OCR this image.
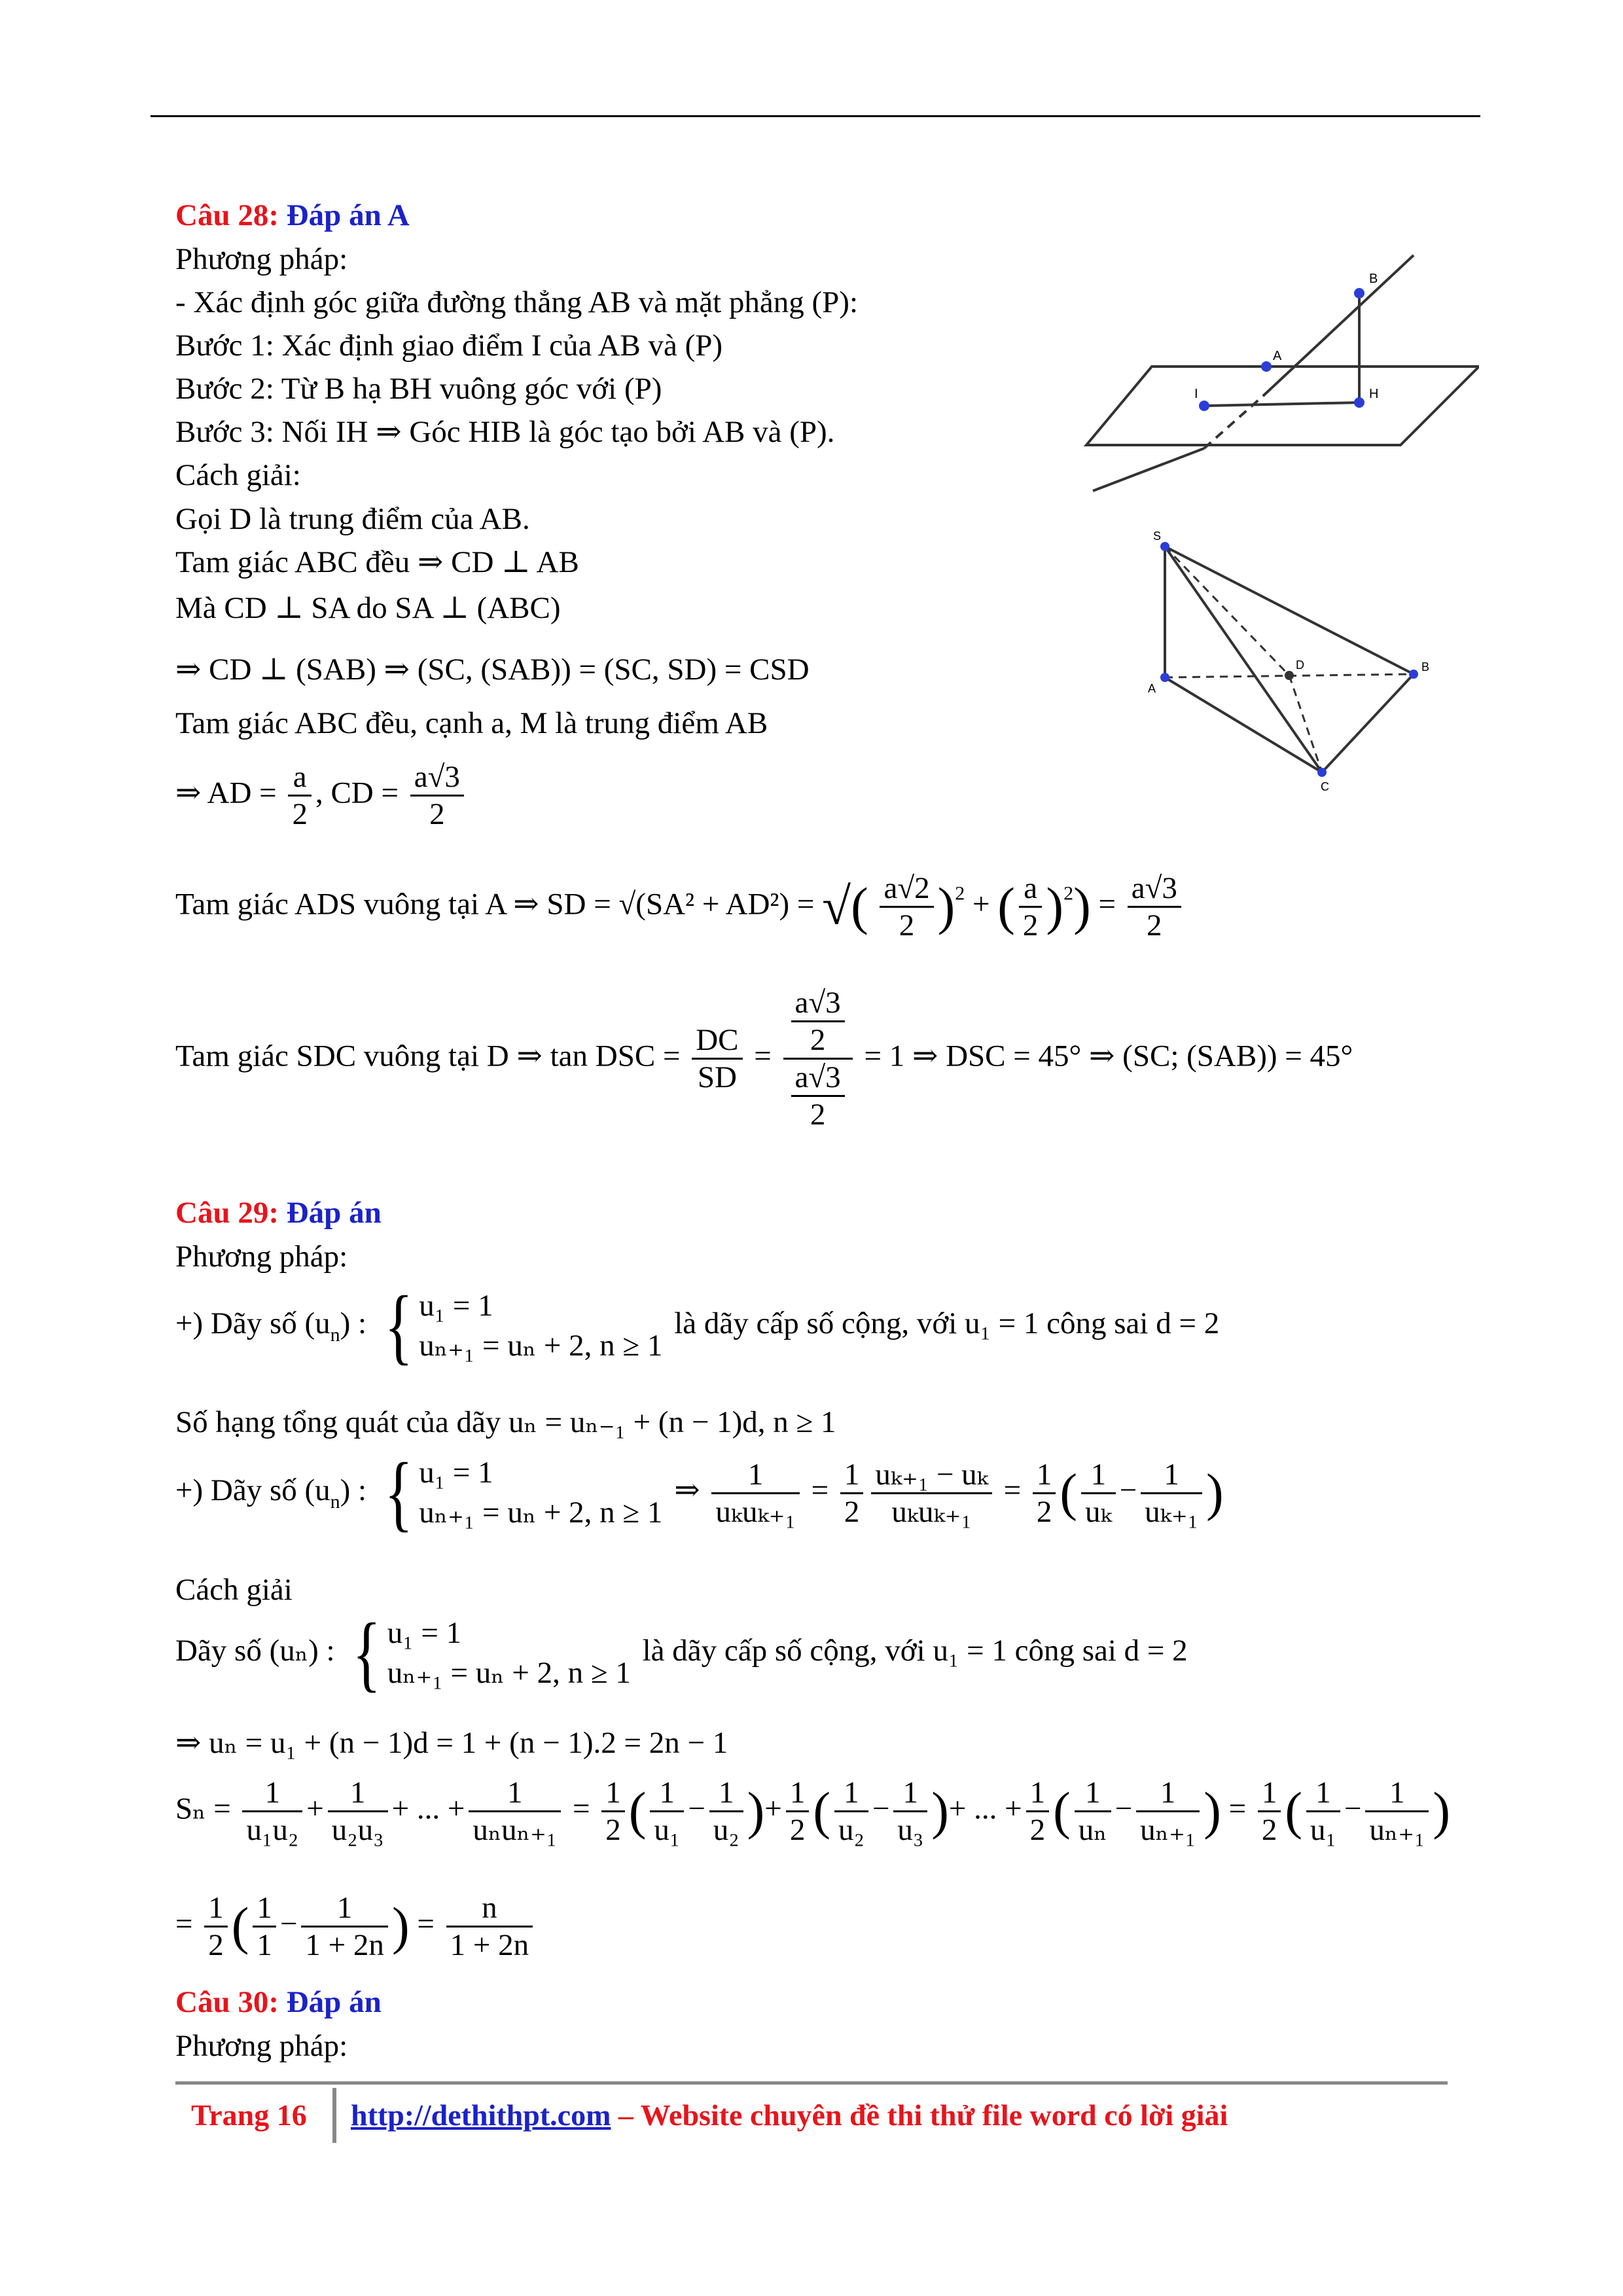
Câu 28: Đáp án A
Phương pháp:
- Xác định góc giữa đường thẳng AB và mặt phẳng (P):
Bước 1: Xác định giao điểm I của AB và (P)
Bước 2: Từ B hạ BH vuông góc với (P)
Bước 3: Nối IH ⇒ Góc HIB là góc tạo bởi AB và (P).
Cách giải:
Gọi D là trung điểm của AB.
Tam giác ABC đều ⇒ CD ⊥ AB
Mà CD ⊥ SA do SA ⊥ (ABC)
⇒ CD ⊥ (SAB) ⇒ (SC, (SAB)) = (SC, SD) = CSD
Tam giác ABC đều, cạnh a, M là trung điểm AB
⇒ AD = $\frac{a}{2}$ , CD = $\frac{a√3}{2}$
Tam giác ADS vuông tại A ⇒ SD = √(SA² + AD²) = √( $\frac{a√2}{2} )^2$ + ( $\frac{a}{2} )^2) = \frac{a√3}{2}$
Tam giác SDC vuông tại D ⇒ tan DSC = $\frac{DC}{SD} = \frac{\frac{a√3}{2}}{\frac{a√3}{2}} = 1$ ⇒ DSC = 45° ⇒ (SC; (SAB)) = 45°
B
A
I	H
S
A
D	B
C
Câu 29: Đáp án
Phương pháp:
+) Dãy số $(u_n)$ : { u₁ = 1
uₙ₊₁ = uₙ + 2, n ≥ 1
là dãy cấp số cộng, với u₁ = 1 công sai d = 2
Số hạng tổng quát của dãy uₙ = uₙ₋₁ + (n − 1)d, n ≥ 1
+) Dãy số $(u_n)$ : { u₁ = 1
uₙ₊₁ = uₙ + 2, n ≥ 1
⇒ $\frac{1}{\text{uₖuₖ₊₁}} = \frac{1}{2} \frac{\text{uₖ₊₁ − uₖ}}{\text{uₖuₖ₊₁}} = \frac{1}{2}$ ( $\frac{1}{\text{uₖ}} - \frac{1}{\text{uₖ₊₁}}$ )
Cách giải
Dãy số (uₙ) : { u₁ = 1
uₙ₊₁ = uₙ + 2, n ≥ 1
là dãy cấp số cộng, với u₁ = 1 công sai d = 2
⇒ uₙ = u₁ + (n − 1)d = 1 + (n − 1).2 = 2n − 1
$S_n = \frac{1}{\text{u₁u₂}} + \frac{1}{\text{u₂u₃}}$ + ... + $\frac{1}{\text{uₙuₙ₊₁}} = \frac{1}{2}$ ( $\frac{1}{\text{u₁}} - \frac{1}{\text{u₂}}$ )+ $\frac{1}{2}$ ( $\frac{1}{\text{u₂}} - \frac{1}{\text{u₃}}$ )+ ... + $\frac{1}{2}$ ( $\frac{1}{\text{uₙ}} - \frac{1}{\text{uₙ₊₁}}$ ) = $\frac{1}{2}$ ( $\frac{1}{\text{u₁}} - \frac{1}{\text{uₙ₊₁}}$ )
= $\frac{1}{2}$ ( $\frac{1}{1} - \frac{1}{1 + 2n}$ ) = $\frac{n}{1 + 2n}$
Câu 30: Đáp án
Phương pháp:
Trang 16 http://dethithpt.com – Website chuyên đề thi thử file word có lời giải
